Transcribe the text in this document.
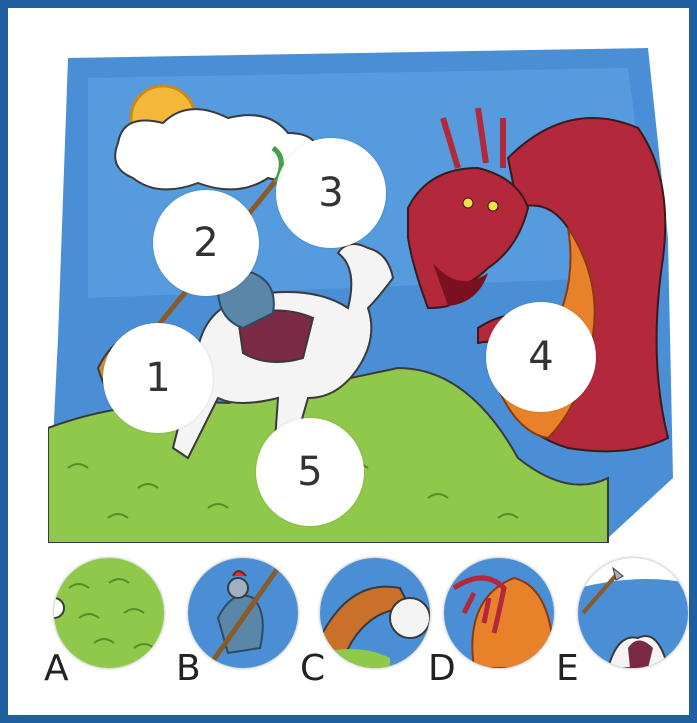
1
2
3
4
5
A	B	C	D	E
